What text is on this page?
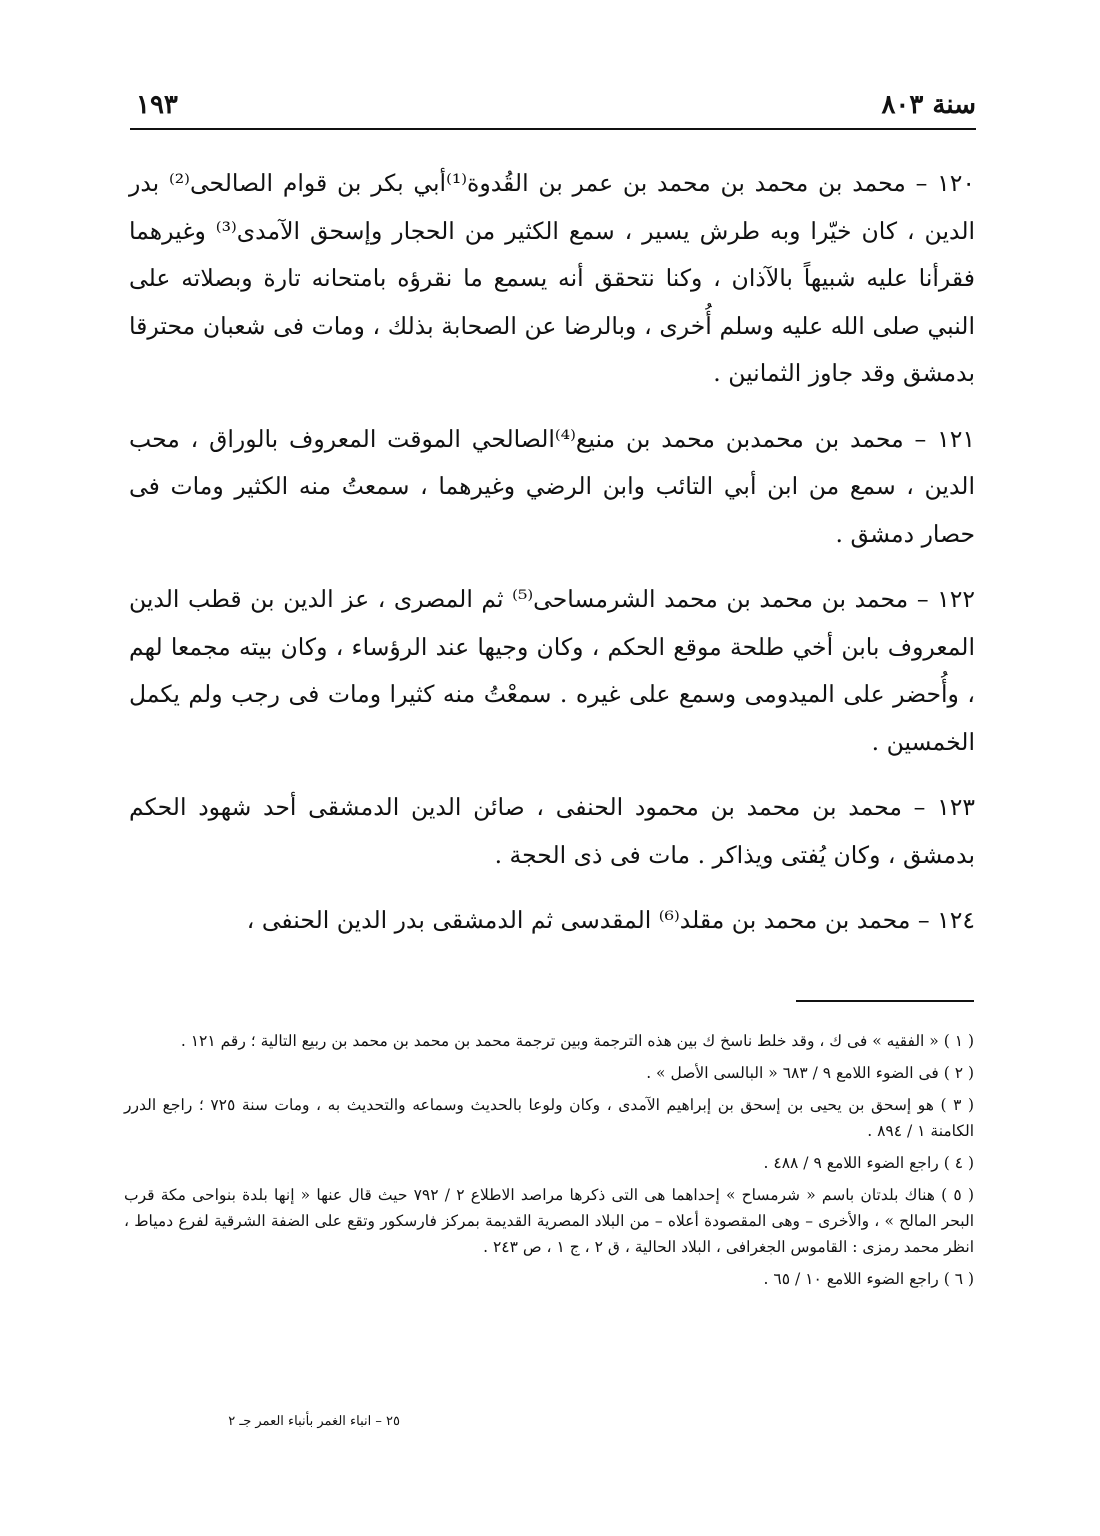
سنة ٨٠٣
١٩٣

١٢٠ – محمد بن محمد بن محمد بن عمر بن القُدوة⁽¹⁾أبي بكر بن قوام الصالحى⁽²⁾ بدر الدين ، كان خيّرا وبه طرش يسير ، سمع الكثير من الحجار وإسحق الآمدى⁽³⁾ وغيرهما فقرأنا عليه شبيهاً بالآذان ، وكنا نتحقق أنه يسمع ما نقرؤه بامتحانه تارة وبصلاته على النبي صلى الله عليه وسلم أُخرى ، وبالرضا عن الصحابة بذلك ، ومات فى شعبان محترقا بدمشق وقد جاوز الثمانين .

١٢١ – محمد بن محمدبن محمد بن منيع⁽⁴⁾الصالحي الموقت المعروف بالوراق ، محب الدين ، سمع من ابن أبي التائب وابن الرضي وغيرهما ، سمعتُ منه الكثير ومات فى حصار دمشق .

١٢٢ – محمد بن محمد بن محمد الشرمساحى⁽⁵⁾ ثم المصرى ، عز الدين بن قطب الدين المعروف بابن أخي طلحة موقع الحكم ، وكان وجيها عند الرؤساء ، وكان بيته مجمعا لهم ، وأُحضر على الميدومى وسمع على غيره . سمعْتُ منه كثيرا ومات فى رجب ولم يكمل الخمسين .

١٢٣ – محمد بن محمد بن محمود الحنفى ، صائن الدين الدمشقى أحد شهود الحكم بدمشق ، وكان يُفتى ويذاكر . مات فى ذى الحجة .

١٢٤ – محمد بن محمد بن مقلد⁽⁶⁾ المقدسى ثم الدمشقى بدر الدين الحنفى ،

( ١ ) « الفقيه » فى ك ، وقد خلط ناسخ ك بين هذه الترجمة وبين ترجمة محمد بن محمد بن محمد بن ربيع التالية ؛ رقم ١٢١ .

( ٢ ) فى الضوء اللامع ٩ / ٦٨٣ « البالسى الأصل » .

( ٣ ) هو إسحق بن يحيى بن إسحق بن إبراهيم الآمدى ، وكان ولوعا بالحديث وسماعه والتحديث به ، ومات سنة ٧٢٥ ؛ راجع الدرر الكامنة ١ / ٨٩٤ .

( ٤ ) راجع الضوء اللامع ٩ / ٤٨٨ .

( ٥ ) هناك بلدتان باسم « شرمساح » إحداهما هى التى ذكرها مراصد الاطلاع ٢ / ٧٩٢ حيث قال عنها « إنها بلدة بنواحى مكة قرب البحر المالح » ، والأخرى – وهى المقصودة أعلاه – من البلاد المصرية القديمة بمركز فارسكور وتقع على الضفة الشرقية لفرع دمياط ، انظر محمد رمزى : القاموس الجغرافى ، البلاد الحالية ، ق ٢ ، ج ١ ، ص ٢٤٣ .

( ٦ ) راجع الضوء اللامع ١٠ / ٦٥ .

٢٥ – انباء الغمر بأنباء العمر جـ ٢
